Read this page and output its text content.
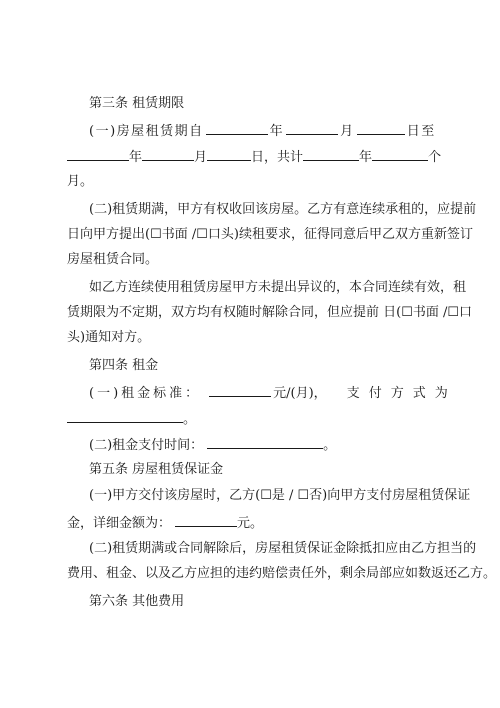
第三条 租赁期限
(一)房屋租赁期自	年	月	日至
年	月	日，共计	年	个
月。
(二)租赁期满，甲方有权收回该房屋。乙方有意连续承租的，应提前
日向甲方提出(☐书面 /☐口头)续租要求，征得同意后甲乙双方重新签订
房屋租赁合同。
如乙方连续使用租赁房屋甲方未提出异议的，本合同连续有效，租
赁期限为不定期，双方均有权随时解除合同，但应提前 日(☐书面 /☐口
头)通知对方。
第四条 租金
(一)租金标准：	元/(月)， 支付方式为
。
(二)租金支付时间：	。
第五条 房屋租赁保证金
(一)甲方交付该房屋时，乙方(☐是 / ☐否)向甲方支付房屋租赁保证
金，详细金额为：	元。
(二)租赁期满或合同解除后，房屋租赁保证金除抵扣应由乙方担当的
费用、租金、以及乙方应担的违约赔偿责任外，剩余局部应如数返还乙方。
第六条 其他费用
